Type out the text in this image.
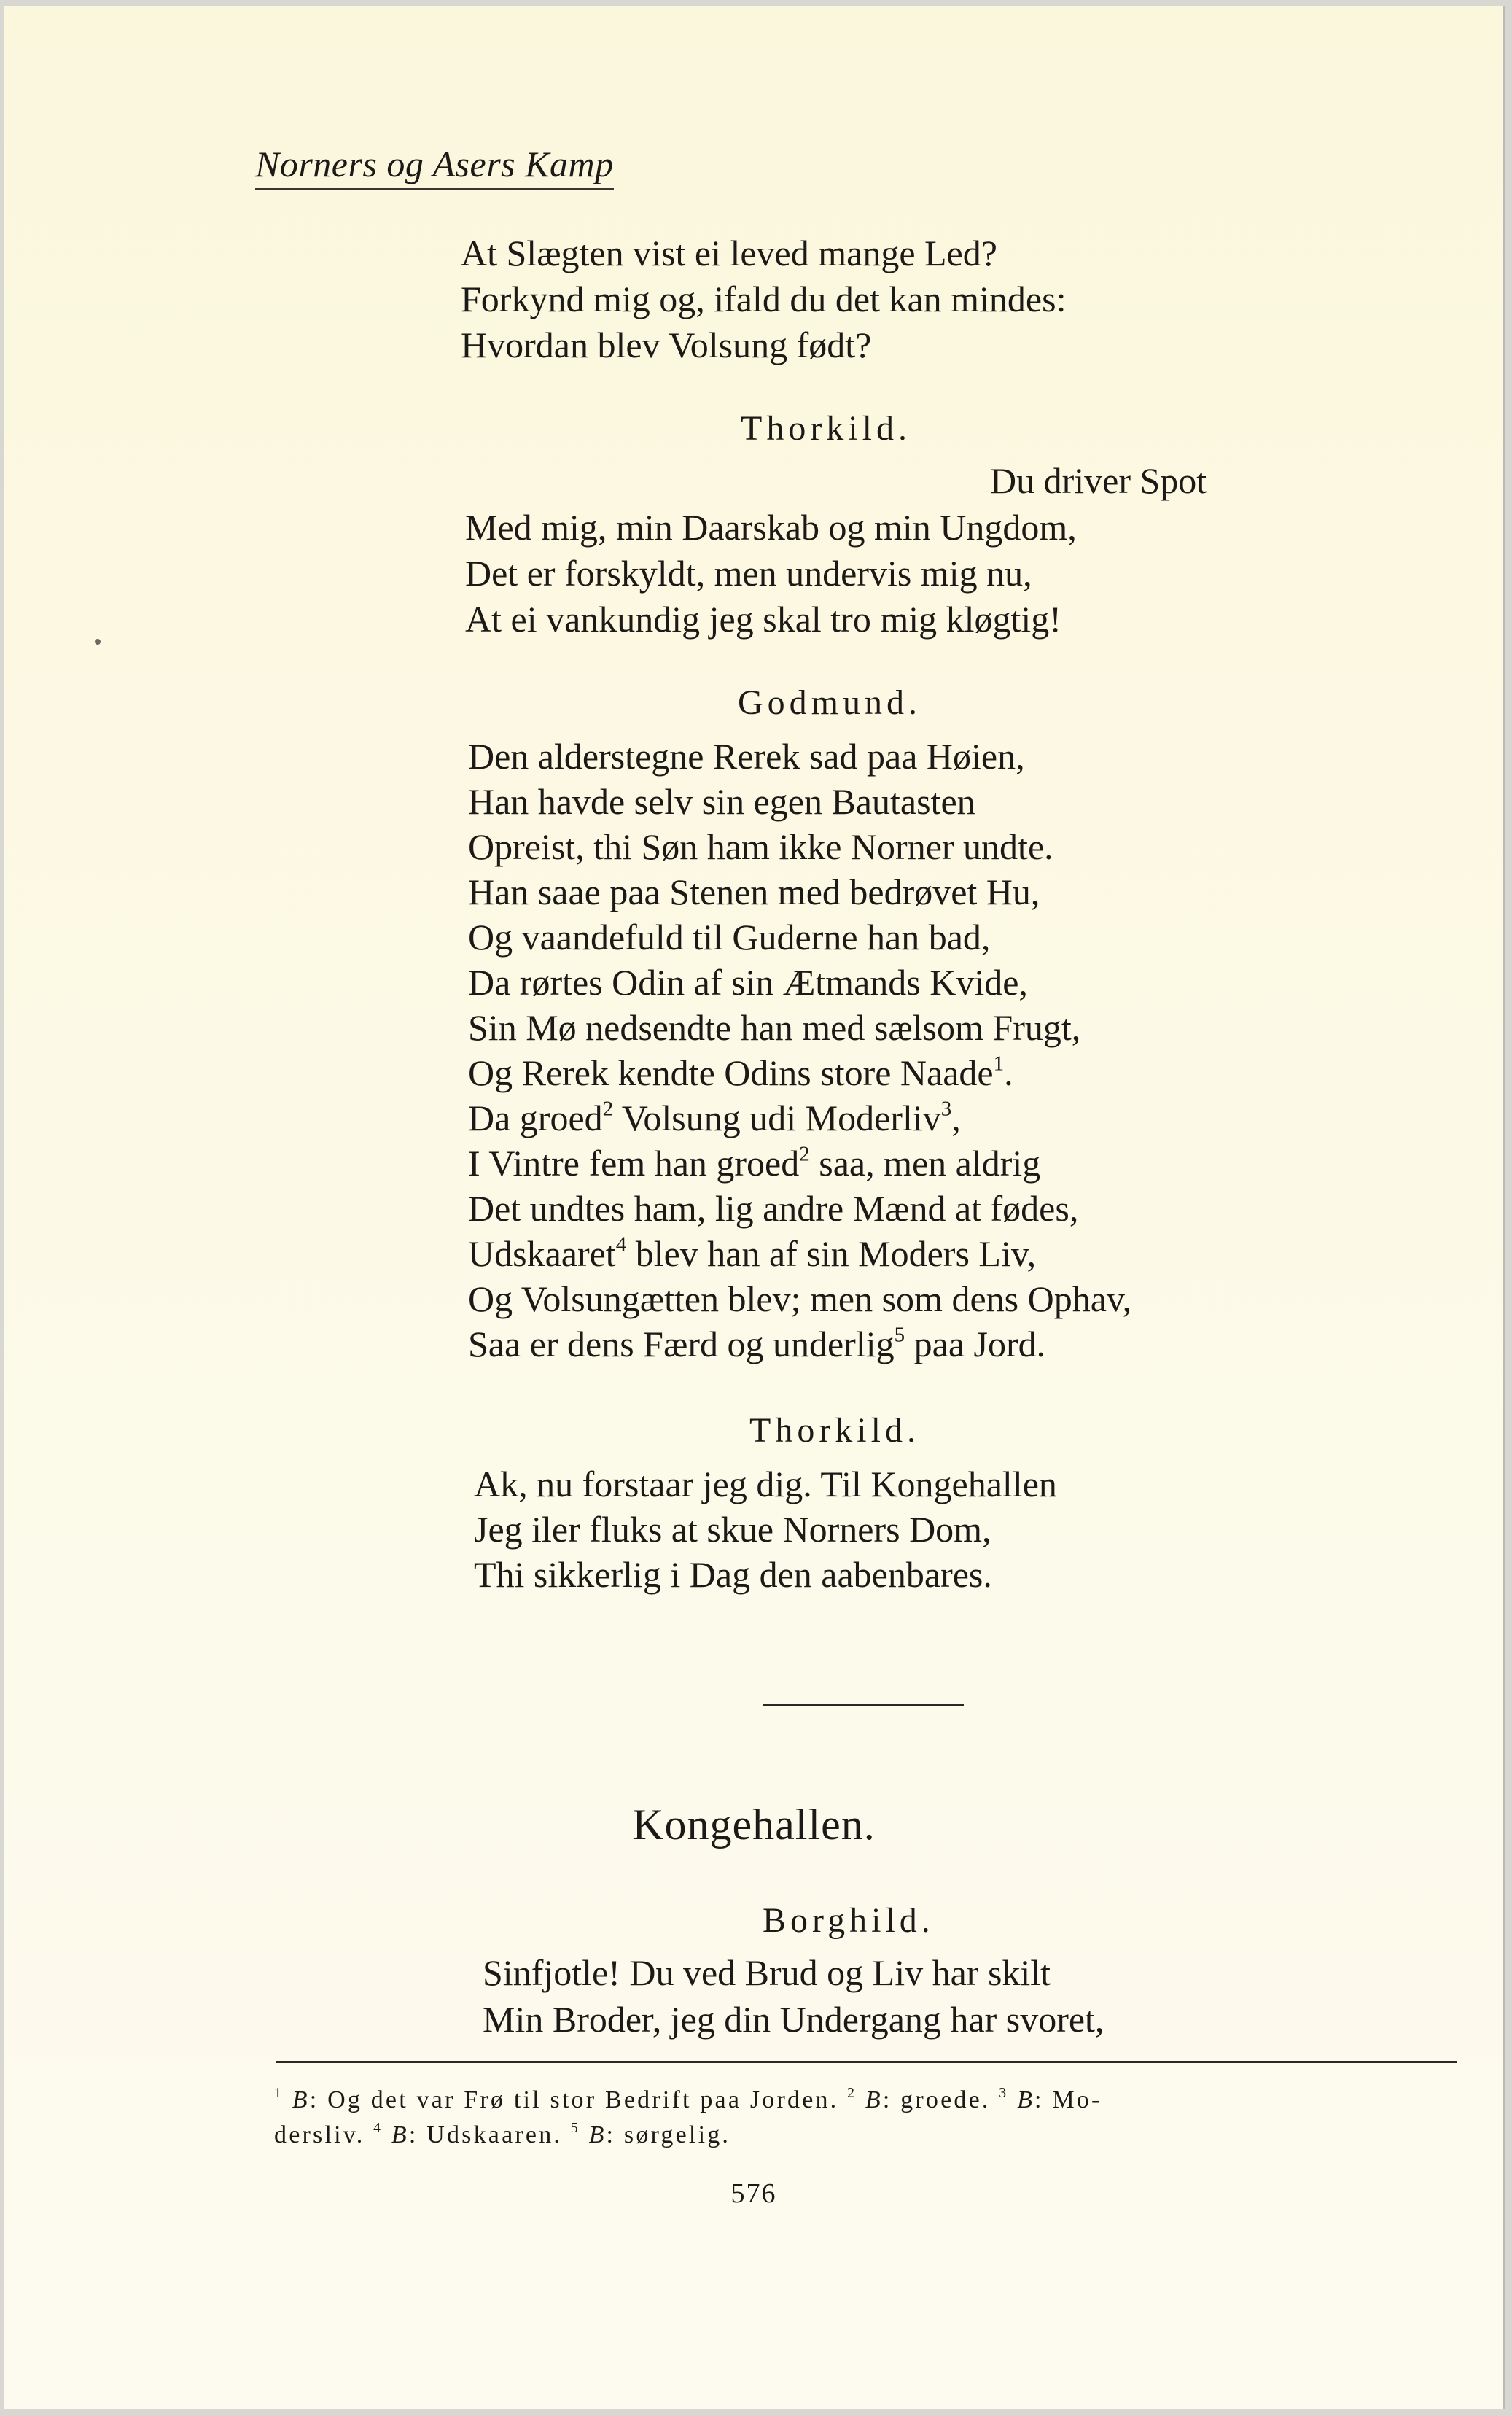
Norners og Asers Kamp
At Slægten vist ei leved mange Led?
Forkynd mig og, ifald du det kan mindes:
Hvordan blev Volsung født?
Thorkild.
Du driver Spot
Med mig, min Daarskab og min Ungdom,
Det er forskyldt, men undervis mig nu,
At ei vankundig jeg skal tro mig kløgtig!
Godmund.
Den alderstegne Rerek sad paa Høien,
Han havde selv sin egen Bautasten
Opreist, thi Søn ham ikke Norner undte.
Han saae paa Stenen med bedrøvet Hu,
Og vaandefuld til Guderne han bad,
Da rørtes Odin af sin Ætmands Kvide,
Sin Mø nedsendte han med sælsom Frugt,
Og Rerek kendte Odins store Naade$^1$.
Da groed$^2$ Volsung udi Moderliv$^3$,
I Vintre fem han groed$^2$ saa, men aldrig
Det undtes ham, lig andre Mænd at fødes,
Udskaaret$^4$ blev han af sin Moders Liv,
Og Volsungætten blev; men som dens Ophav,
Saa er dens Færd og underlig$^5$ paa Jord.
Thorkild.
Ak, nu forstaar jeg dig. Til Kongehallen
Jeg iler fluks at skue Norners Dom,
Thi sikkerlig i Dag den aabenbares.
Kongehallen.
Borghild.
Sinfjotle! Du ved Brud og Liv har skilt
Min Broder, jeg din Undergang har svoret,
$^1$ B: Og det var Frø til stor Bedrift paa Jorden. $^2$ B: groede. $^3$ B: Mo-
dersliv. $^4$ B: Udskaaren. $^5$ B: sørgelig.
576
